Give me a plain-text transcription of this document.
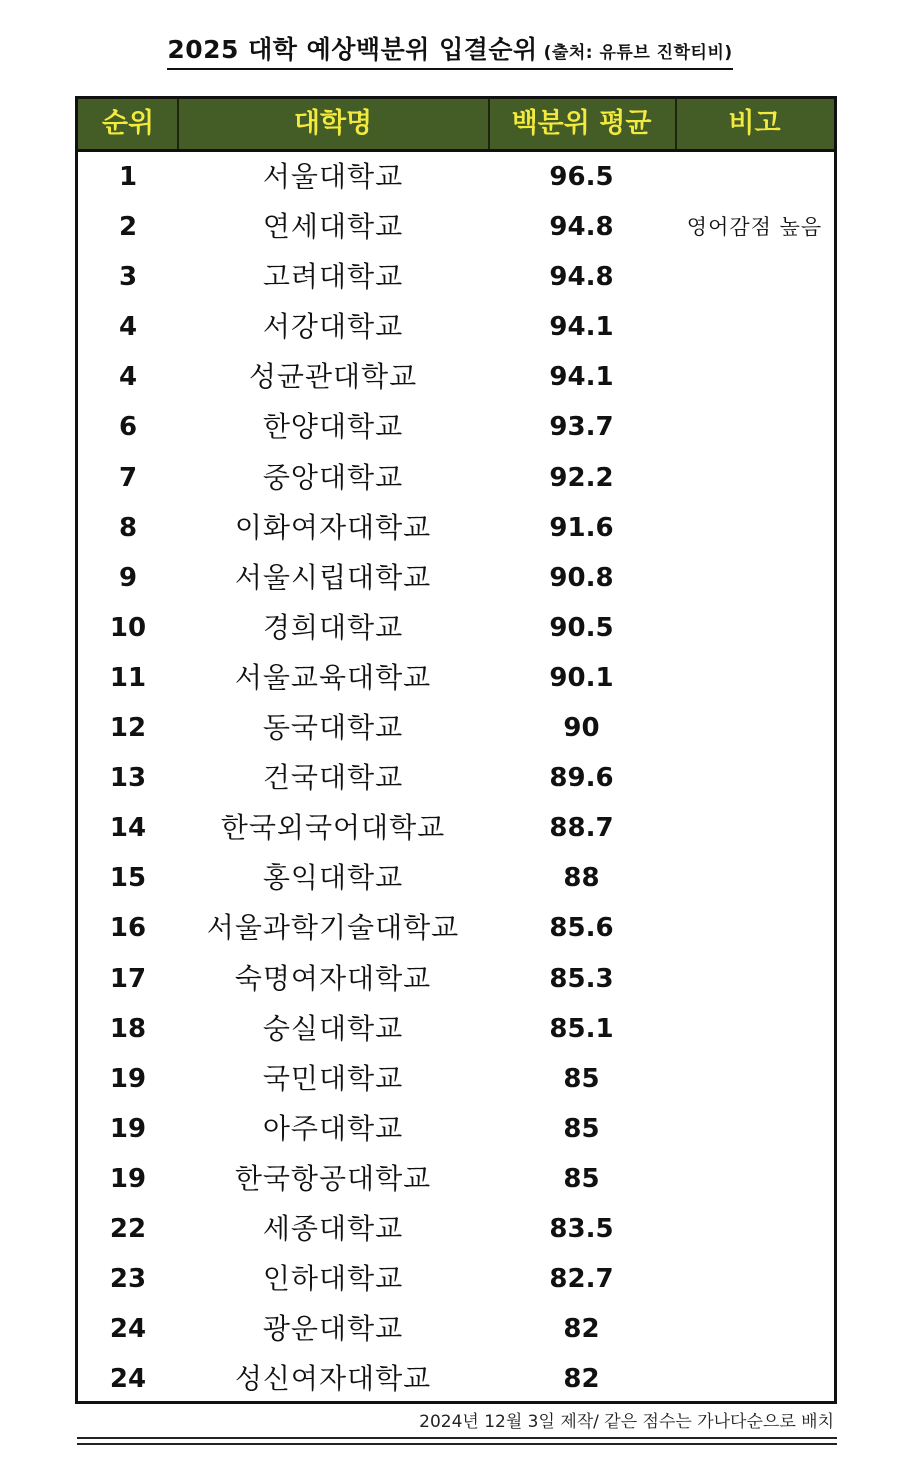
2025 대학 예상백분위 입결순위 (출처: 유튜브 진학티비)
순위	대학명	백분위 평균	비고
1	서울대학교	96.5
2	연세대학교	94.8	영어감점 높음
3	고려대학교	94.8
4	서강대학교	94.1
4	성균관대학교	94.1
6	한양대학교	93.7
7	중앙대학교	92.2
8	이화여자대학교	91.6
9	서울시립대학교	90.8
10	경희대학교	90.5
11	서울교육대학교	90.1
12	동국대학교	90
13	건국대학교	89.6
14	한국외국어대학교	88.7
15	홍익대학교	88
16	서울과학기술대학교	85.6
17	숙명여자대학교	85.3
18	숭실대학교	85.1
19	국민대학교	85
19	아주대학교	85
19	한국항공대학교	85
22	세종대학교	83.5
23	인하대학교	82.7
24	광운대학교	82
24	성신여자대학교	82
2024년 12월 3일 제작/ 같은 점수는 가나다순으로 배치
